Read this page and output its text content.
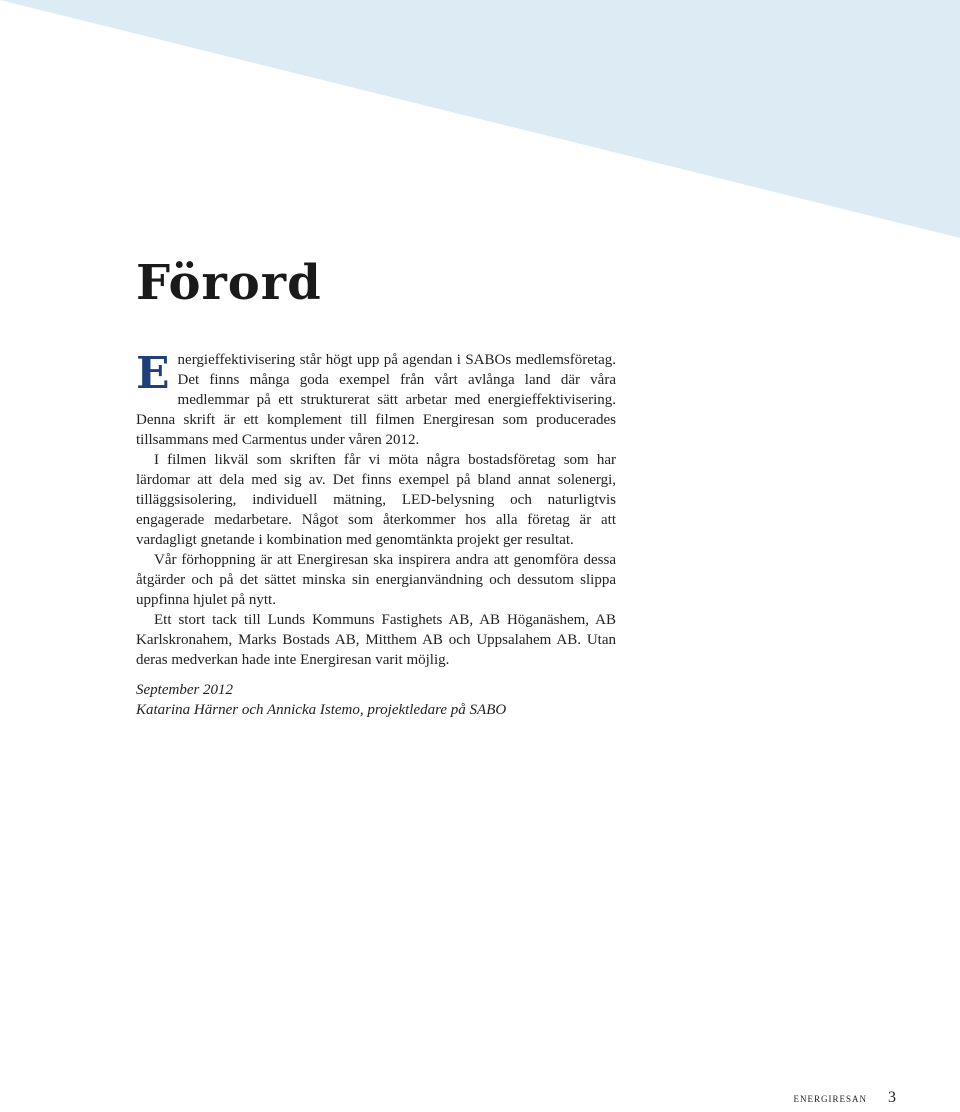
Förord

Energieffektivisering står högt upp på agendan i SABOs medlemsföretag. Det finns många goda exempel från vårt avlånga land där våra medlemmar på ett strukturerat sätt arbetar med energieffektivisering. Denna skrift är ett komplement till filmen Energiresan som producerades tillsammans med Carmentus under våren 2012.

I filmen likväl som skriften får vi möta några bostadsföretag som har lärdomar att dela med sig av. Det finns exempel på bland annat solenergi, tilläggsisolering, individuell mätning, LED-belysning och naturligtvis engagerade medarbetare. Något som återkommer hos alla företag är att vardagligt gnetande i kombination med genomtänkta projekt ger resultat.

Vår förhoppning är att Energiresan ska inspirera andra att genomföra dessa åtgärder och på det sättet minska sin energianvändning och dessutom slippa uppfinna hjulet på nytt.

Ett stort tack till Lunds Kommuns Fastighets AB, AB Höganäshem, AB Karlskronahem, Marks Bostads AB, Mitthem AB och Uppsalahem AB. Utan deras medverkan hade inte Energiresan varit möjlig.

September 2012
Katarina Härner och Annicka Istemo, projektledare på SABO
energiresan 3
